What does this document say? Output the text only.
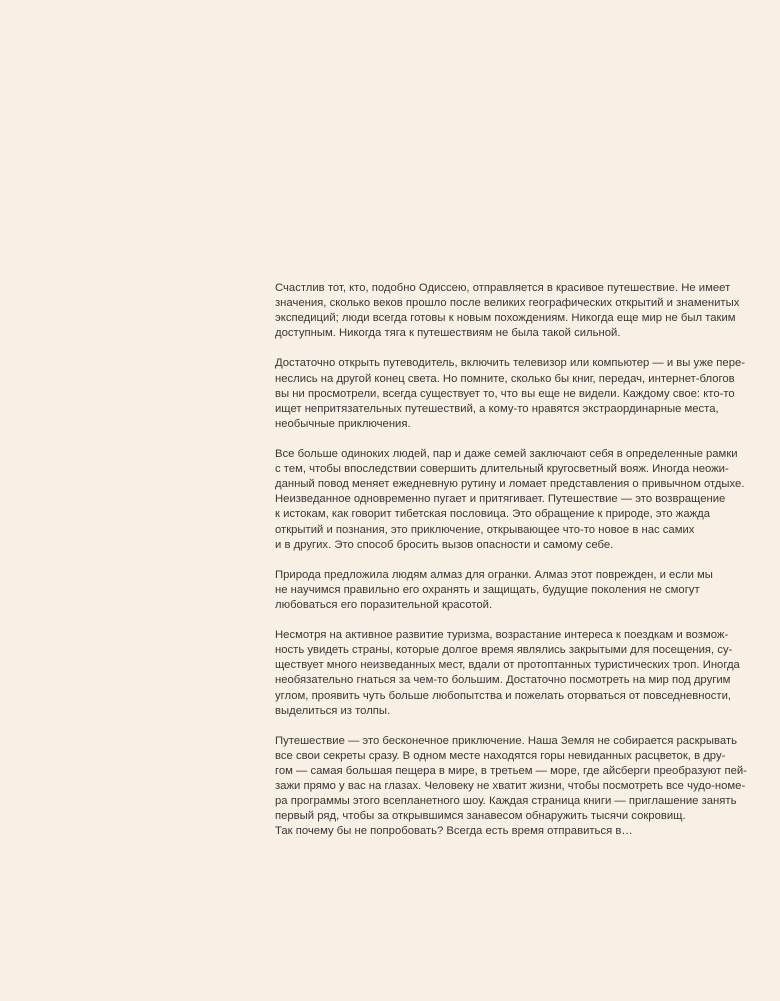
Счастлив тот, кто, подобно Одиссею, отправляется в красивое путешествие. Не имеет
значения, сколько веков прошло после великих географических открытий и знаменитых
экспедиций; люди всегда готовы к новым похождениям. Никогда еще мир не был таким
доступным. Никогда тяга к путешествиям не была такой сильной.

Достаточно открыть путеводитель, включить телевизор или компьютер — и вы уже пере-
неслись на другой конец света. Но помните, сколько бы книг, передач, интернет-блогов
вы ни просмотрели, всегда существует то, что вы еще не видели. Каждому свое: кто-то
ищет непритязательных путешествий, а кому-то нравятся экстраординарные места,
необычные приключения.

Все больше одиноких людей, пар и даже семей заключают себя в определенные рамки
с тем, чтобы впоследствии совершить длительный кругосветный вояж. Иногда неожи-
данный повод меняет ежедневную рутину и ломает представления о привычном отдыхе.
Неизведанное одновременно пугает и притягивает. Путешествие — это возвращение
к истокам, как говорит тибетская пословица. Это обращение к природе, это жажда
открытий и познания, это приключение, открывающее что-то новое в нас самих
и в других. Это способ бросить вызов опасности и самому себе.

Природа предложила людям алмаз для огранки. Алмаз этот поврежден, и если мы
не научимся правильно его охранять и защищать, будущие поколения не смогут
любоваться его поразительной красотой.

Несмотря на активное развитие туризма, возрастание интереса к поездкам и возмож-
ность увидеть страны, которые долгое время являлись закрытыми для посещения, су-
ществует много неизведанных мест, вдали от протоптанных туристических троп. Иногда
необязательно гнаться за чем-то большим. Достаточно посмотреть на мир под другим
углом, проявить чуть больше любопытства и пожелать оторваться от повседневности,
выделиться из толпы.

Путешествие — это бесконечное приключение. Наша Земля не собирается раскрывать
все свои секреты сразу. В одном месте находятся горы невиданных расцветок, в дру-
гом — самая большая пещера в мире, в третьем — море, где айсберги преобразуют пей-
зажи прямо у вас на глазах. Человеку не хватит жизни, чтобы посмотреть все чудо-номе-
ра программы этого всепланетного шоу. Каждая страница книги — приглашение занять
первый ряд, чтобы за открывшимся занавесом обнаружить тысячи сокровищ.
Так почему бы не попробовать? Всегда есть время отправиться в…
